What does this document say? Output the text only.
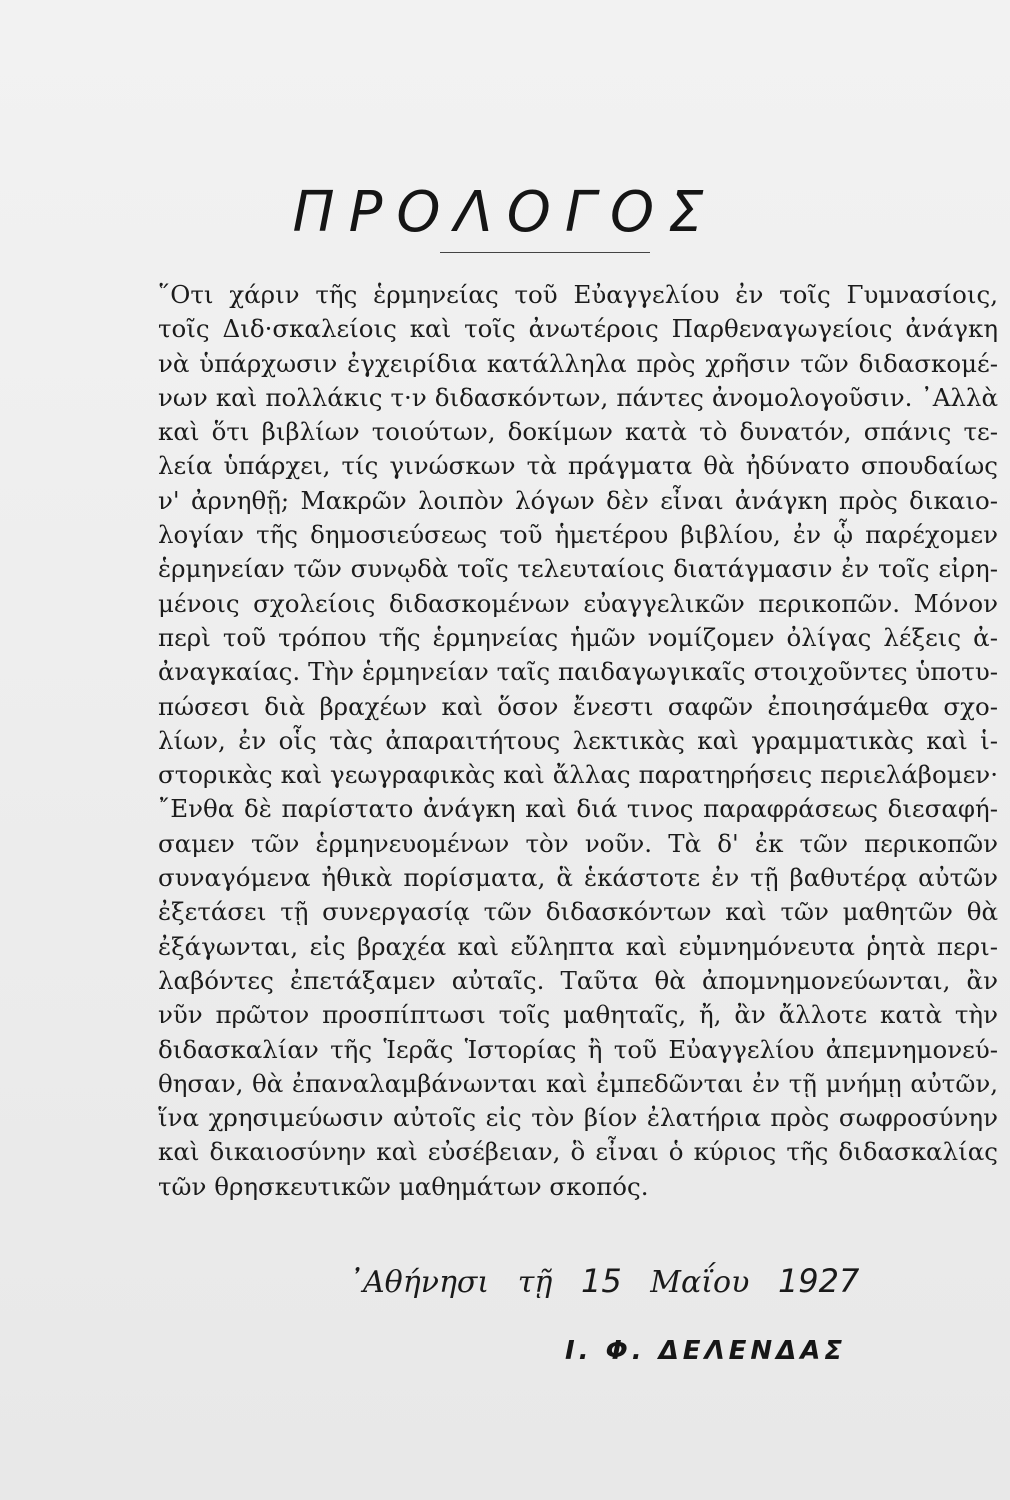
ΠΡΟΛΟΓΟΣ
῞Οτι χάριν τῆς ἑρμηνείας τοῦ Εὐαγγελίου ἐν τοῖς Γυμνασίοις,
τοῖς Διδ·σκαλείοις καὶ τοῖς ἀνωτέροις Παρθεναγωγείοις ἀνάγκη
νὰ ὑπάρχωσιν ἐγχειρίδια κατάλληλα πρὸς χρῆσιν τῶν διδασκομέ-
νων καὶ πολλάκις τ·ν διδασκόντων, πάντες ἀνομολογοῦσιν. ᾿Αλλὰ
καὶ ὅτι βιβλίων τοιούτων, δοκίμων κατὰ τὸ δυνατόν, σπάνις τε-
λεία ὑπάρχει, τίς γινώσκων τὰ πράγματα θὰ ἠδύνατο σπουδαίως
ν' ἀρνηθῇ; Μακρῶν λοιπὸν λόγων δὲν εἶναι ἀνάγκη πρὸς δικαιο-
λογίαν τῆς δημοσιεύσεως τοῦ ἡμετέρου βιβλίου, ἐν ᾧ παρέχομεν
ἑρμηνείαν τῶν συνῳδὰ τοῖς τελευταίοις διατάγμασιν ἐν τοῖς εἰρη-
μένοις σχολείοις διδασκομένων εὐαγγελικῶν περικοπῶν. Μόνον
περὶ τοῦ τρόπου τῆς ἑρμηνείας ἡμῶν νομίζομεν ὀλίγας λέξεις ἀ-
ἀναγκαίας. Τὴν ἑρμηνείαν ταῖς παιδαγωγικαῖς στοιχοῦντες ὑποτυ-
πώσεσι διὰ βραχέων καὶ ὅσον ἔνεστι σαφῶν ἐποιησάμεθα σχο-
λίων, ἐν οἷς τὰς ἀπαραιτήτους λεκτικὰς καὶ γραμματικὰς καὶ ἱ-
στορικὰς καὶ γεωγραφικὰς καὶ ἄλλας παρατηρήσεις περιελάβομεν·
῎Ενθα δὲ παρίστατο ἀνάγκη καὶ διά τινος παραφράσεως διεσαφή-
σαμεν τῶν ἑρμηνευομένων τὸν νοῦν. Τὰ δ' ἐκ τῶν περικοπῶν
συναγόμενα ἠθικὰ πορίσματα, ἃ ἑκάστοτε ἐν τῇ βαθυτέρᾳ αὐτῶν
ἐξετάσει τῇ συνεργασίᾳ τῶν διδασκόντων καὶ τῶν μαθητῶν θὰ
ἐξάγωνται, εἰς βραχέα καὶ εὔληπτα καὶ εὐμνημόνευτα ῥητὰ περι-
λαβόντες ἐπετάξαμεν αὐταῖς. Ταῦτα θὰ ἀπομνημονεύωνται, ἂν
νῦν πρῶτον προσπίπτωσι τοῖς μαθηταῖς, ἤ, ἂν ἄλλοτε κατὰ τὴν
διδασκαλίαν τῆς Ἱερᾶς Ἱστορίας ἢ τοῦ Εὐαγγελίου ἀπεμνημονεύ-
θησαν, θὰ ἐπαναλαμβάνωνται καὶ ἐμπεδῶνται ἐν τῇ μνήμῃ αὐτῶν,
ἵνα χρησιμεύωσιν αὐτοῖς εἰς τὸν βίον ἐλατήρια πρὸς σωφροσύνην
καὶ δικαιοσύνην καὶ εὐσέβειαν, ὃ εἶναι ὁ κύριος τῆς διδασκαλίας
τῶν θρησκευτικῶν μαθημάτων σκοπός.
᾿Αθήνησι τῇ 15 Μαΐου 1927
Ι. Φ. ΔΕΛΕΝΔΑΣ
